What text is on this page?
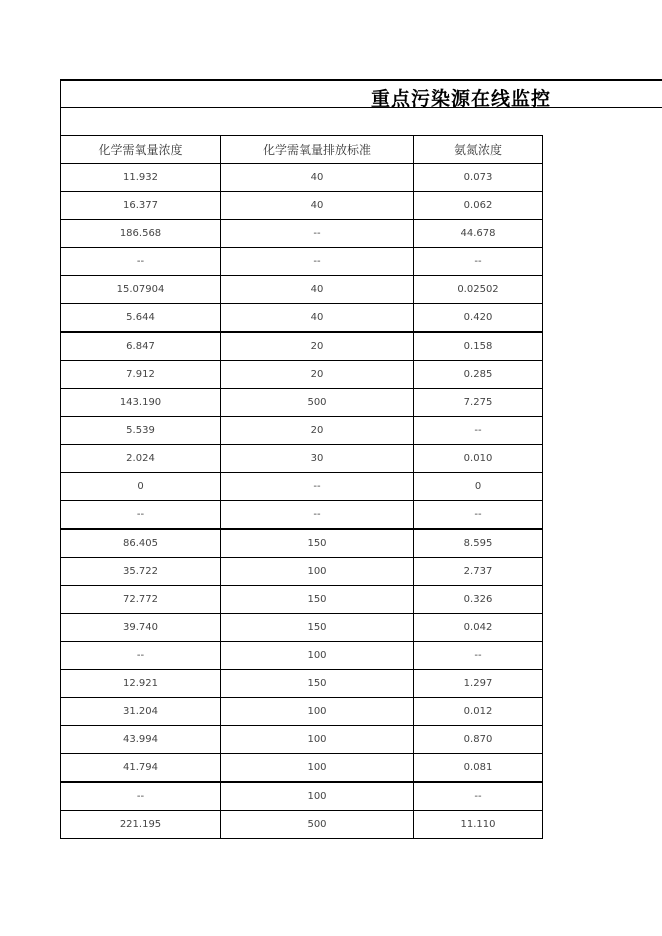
重点污染源在线监控
化学需氧量浓度	化学需氧量排放标准	氨氮浓度
11.932	40	0.073
16.377	40	0.062
186.568	--	44.678
--	--	--
15.07904	40	0.02502
5.644	40	0.420
6.847	20	0.158
7.912	20	0.285
143.190	500	7.275
5.539	20	--
2.024	30	0.010
0	--	0
--	--	--
86.405	150	8.595
35.722	100	2.737
72.772	150	0.326
39.740	150	0.042
--	100	--
12.921	150	1.297
31.204	100	0.012
43.994	100	0.870
41.794	100	0.081
--	100	--
221.195	500	11.110
